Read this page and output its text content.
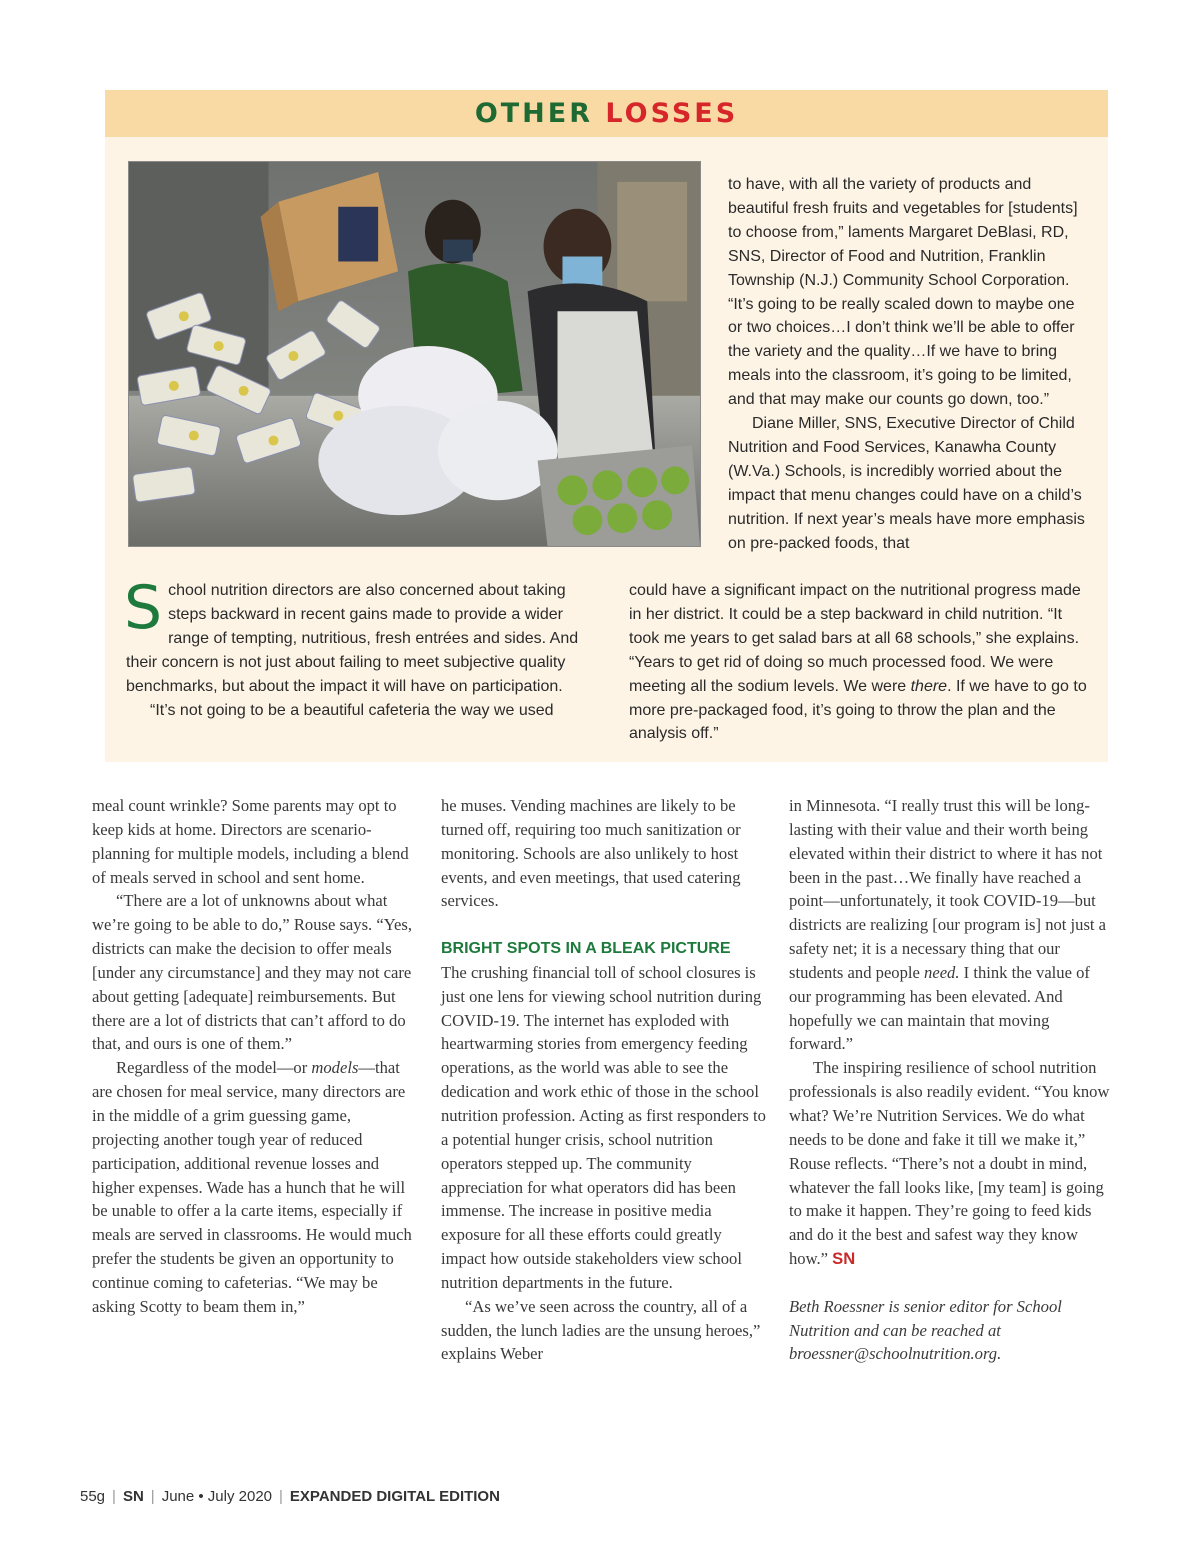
OTHER LOSSES

to have, with all the variety of products and beautiful fresh fruits and vegetables for [students] to choose from,” laments Margaret DeBlasi, RD, SNS, Director of Food and Nutrition, Franklin Township (N.J.) Community School Corporation. “It’s going to be really scaled down to maybe one or two choices…I don’t think we’ll be able to offer the variety and the quality…If we have to bring meals into the classroom, it’s going to be limited, and that may make our counts go down, too.”

Diane Miller, SNS, Executive Director of Child Nutrition and Food Services, Kanawha County (W.Va.) Schools, is incredibly worried about the impact that menu changes could have on a child’s nutrition. If next year’s meals have more emphasis on pre-packed foods, that

School nutrition directors are also concerned about taking steps backward in recent gains made to provide a wider range of tempting, nutritious, fresh entrées and sides. And their concern is not just about failing to meet subjective quality benchmarks, but about the impact it will have on participation.

“It’s not going to be a beautiful cafeteria the way we used

could have a significant impact on the nutritional progress made in her district. It could be a step backward in child nutrition. “It took me years to get salad bars at all 68 schools,” she explains. “Years to get rid of doing so much processed food. We were meeting all the sodium levels. We were there. If we have to go to more pre-packaged food, it’s going to throw the plan and the analysis off.”

meal count wrinkle? Some parents may opt to keep kids at home. Directors are scenario-planning for multiple models, including a blend of meals served in school and sent home.

“There are a lot of unknowns about what we’re going to be able to do,” Rouse says. “Yes, districts can make the decision to offer meals [under any circumstance] and they may not care about getting [adequate] reimbursements. But there are a lot of districts that can’t afford to do that, and ours is one of them.”

Regardless of the model—or models—that are chosen for meal service, many directors are in the middle of a grim guessing game, projecting another tough year of reduced participation, additional revenue losses and higher expenses. Wade has a hunch that he will be unable to offer a la carte items, especially if meals are served in classrooms. He would much prefer the students be given an opportunity to continue coming to cafeterias. “We may be asking Scotty to beam them in,”

he muses. Vending machines are likely to be turned off, requiring too much sanitization or monitoring. Schools are also unlikely to host events, and even meetings, that used catering services.

BRIGHT SPOTS IN A BLEAK PICTURE

The crushing financial toll of school closures is just one lens for viewing school nutrition during COVID-19. The internet has exploded with heartwarming stories from emergency feeding operations, as the world was able to see the dedication and work ethic of those in the school nutrition profession. Acting as first responders to a potential hunger crisis, school nutrition operators stepped up. The community appreciation for what operators did has been immense. The increase in positive media exposure for all these efforts could greatly impact how outside stakeholders view school nutrition departments in the future.

“As we’ve seen across the country, all of a sudden, the lunch ladies are the unsung heroes,” explains Weber

in Minnesota. “I really trust this will be long-lasting with their value and their worth being elevated within their district to where it has not been in the past…We finally have reached a point—unfortunately, it took COVID-19—but districts are realizing [our program is] not just a safety net; it is a necessary thing that our students and people need. I think the value of our programming has been elevated. And hopefully we can maintain that moving forward.”

The inspiring resilience of school nutrition professionals is also readily evident. “You know what? We’re Nutrition Services. We do what needs to be done and fake it till we make it,” Rouse reflects. “There’s not a doubt in mind, whatever the fall looks like, [my team] is going to make it happen. They’re going to feed kids and do it the best and safest way they know how.” SN

Beth Roessner is senior editor for School Nutrition and can be reached at broessner@schoolnutrition.org.

55g | SN | June • July 2020 | EXPANDED DIGITAL EDITION
